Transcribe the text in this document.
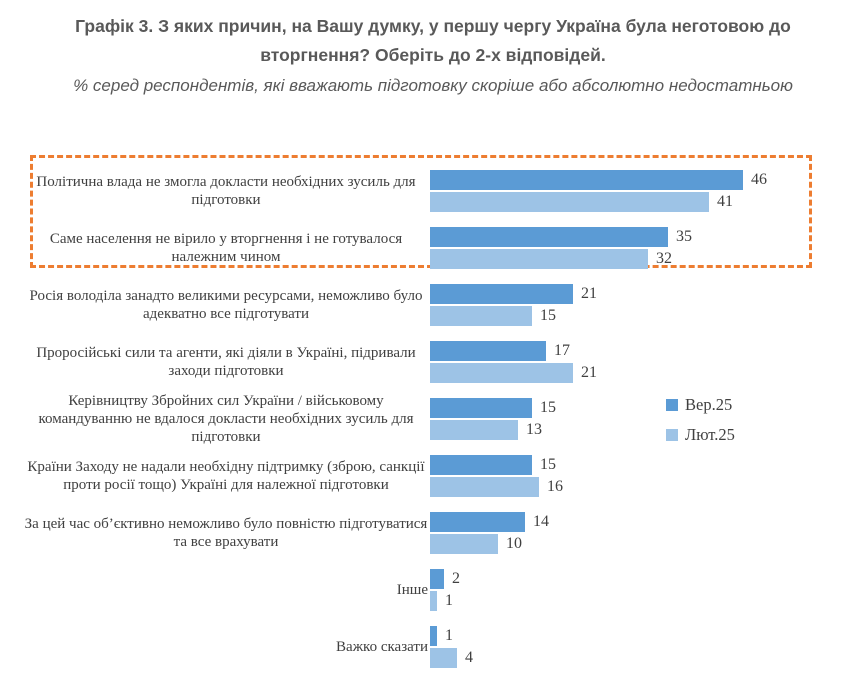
Графік 3. З яких причин, на Вашу думку, у першу чергу Україна була неготовою до вторгнення? Оберіть до 2-х відповідей.

% серед респондентів, які вважають підготовку скоріше або абсолютно недостатньою

Політична влада не змогла докласти необхідних зусиль для підготовки
46
41
Саме населення не вірило у вторгнення і не готувалося належним чином
35
32
Росія володіла занадто великими ресурсами, неможливо було адекватно все підготувати
21
15
Проросійські сили та агенти, які діяли в Україні, підривали заходи підготовки
17
21
Керівництву Збройних сил України / військовому командуванню не вдалося докласти необхідних зусиль для підготовки
15
13
Країни Заходу не надали необхідну підтримку (зброю, санкції проти росії тощо) Україні для належної підготовки
15
16
За цей час об’єктивно неможливо було повністю підготуватися та все врахувати
14
10
Інше
2
1
Важко сказати
1
4
Вер.25
Лют.25
